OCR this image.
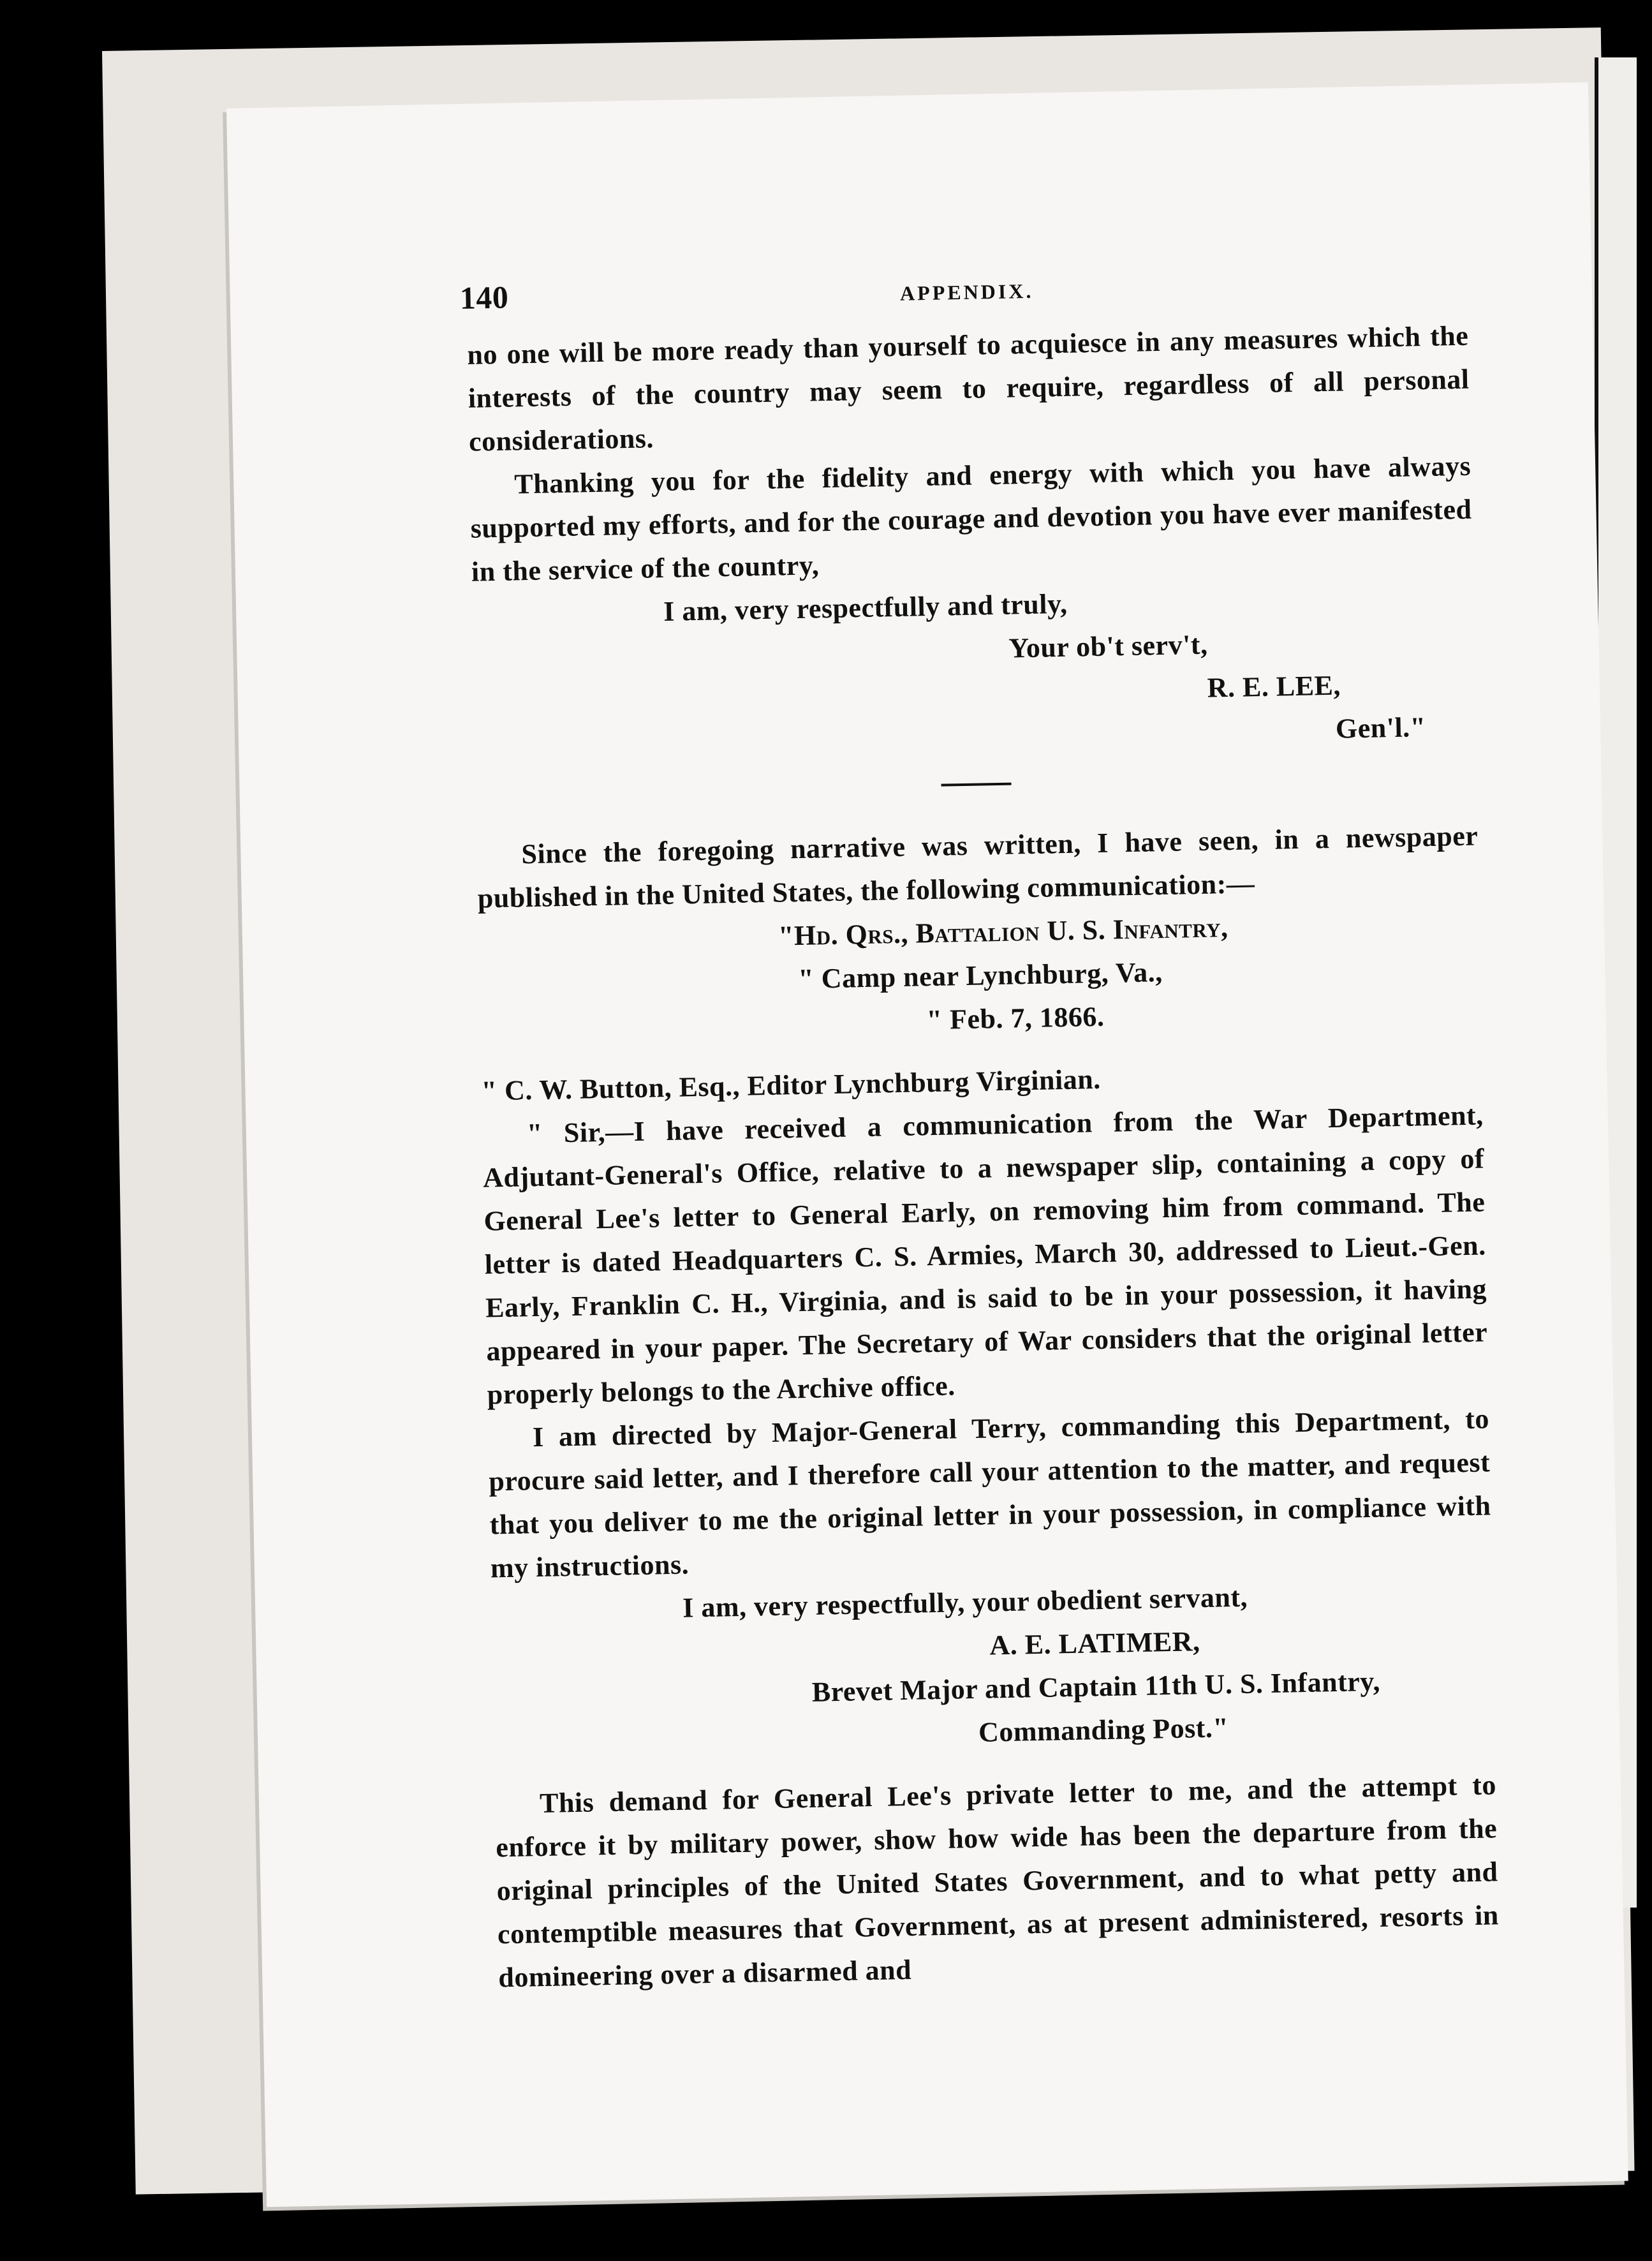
140	APPENDIX.

no one will be more ready than yourself to acquiesce in any measures which the interests of the country may seem to require, regardless of all personal considerations.

Thanking you for the fidelity and energy with which you have always supported my efforts, and for the courage and devotion you have ever manifested in the service of the country,

I am, very respectfully and truly,

Your ob't serv't,

R. E. LEE,

Gen'l."

Since the foregoing narrative was written, I have seen, in a newspaper published in the United States, the following communication:—

"Hd. Qrs., Battalion U. S. Infantry,

" Camp near Lynchburg, Va.,

" Feb. 7, 1866.

" C. W. Button, Esq., Editor Lynchburg Virginian.

" Sir,—I have received a communication from the War Department, Adjutant-General's Office, relative to a newspaper slip, containing a copy of General Lee's letter to General Early, on removing him from command. The letter is dated Headquarters C. S. Armies, March 30, addressed to Lieut.-Gen. Early, Franklin C. H., Virginia, and is said to be in your possession, it having appeared in your paper. The Secretary of War considers that the original letter properly belongs to the Archive office.

I am directed by Major-General Terry, commanding this Department, to procure said letter, and I therefore call your attention to the matter, and request that you deliver to me the original letter in your possession, in compliance with my instructions.

I am, very respectfully, your obedient servant,

A. E. LATIMER,

Brevet Major and Captain 11th U. S. Infantry,

Commanding Post."

This demand for General Lee's private letter to me, and the attempt to enforce it by military power, show how wide has been the departure from the original principles of the United States Government, and to what petty and contemptible measures that Government, as at present administered, resorts in domineering over a disarmed and
